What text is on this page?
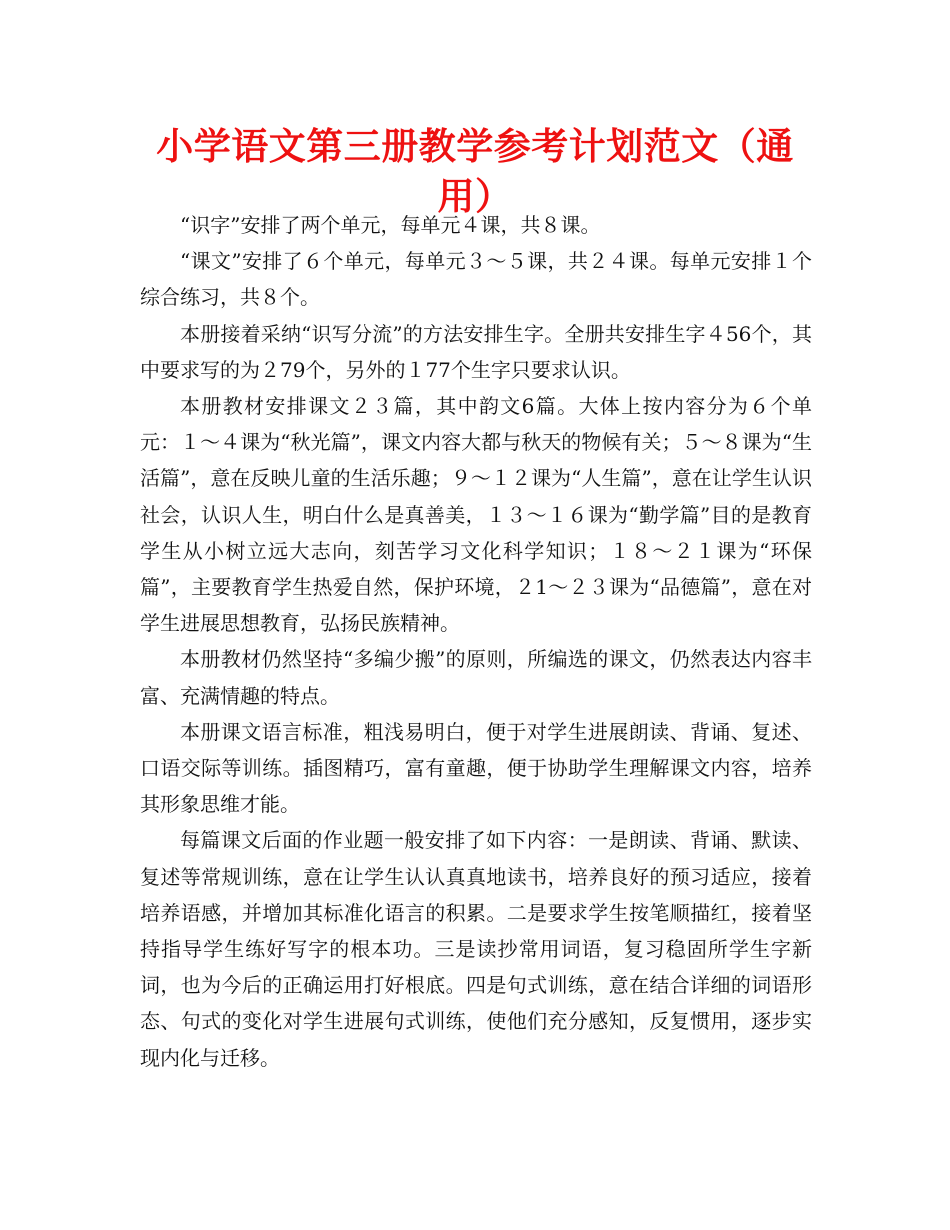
小学语文第三册教学参考计划范文（通用）

“识字”安排了两个单元，每单元４课，共８课。

“课文”安排了６个单元，每单元３～５课，共２４课。每单元安排１个综合练习，共８个。

本册接着采纳“识写分流”的方法安排生字。全册共安排生字４56个，其中要求写的为２79个，另外的１77个生字只要求认识。

本册教材安排课文２３篇，其中韵文6篇。大体上按内容分为６个单元：１～４课为“秋光篇”，课文内容大都与秋天的物候有关；５～８课为“生活篇”，意在反映儿童的生活乐趣；９～１２课为“人生篇”，意在让学生认识社会，认识人生，明白什么是真善美，１３～１６课为“勤学篇”目的是教育学生从小树立远大志向，刻苦学习文化科学知识；１８～２１课为“环保篇”，主要教育学生热爱自然，保护环境，２1～２３课为“品德篇”，意在对学生进展思想教育，弘扬民族精神。

本册教材仍然坚持“多编少搬”的原则，所编选的课文，仍然表达内容丰富、充满情趣的特点。

本册课文语言标准，粗浅易明白，便于对学生进展朗读、背诵、复述、口语交际等训练。插图精巧，富有童趣，便于协助学生理解课文内容，培养其形象思维才能。

每篇课文后面的作业题一般安排了如下内容：一是朗读、背诵、默读、复述等常规训练，意在让学生认认真真地读书，培养良好的预习适应，接着培养语感，并增加其标准化语言的积累。二是要求学生按笔顺描红，接着坚持指导学生练好写字的根本功。三是读抄常用词语，复习稳固所学生字新词，也为今后的正确运用打好根底。四是句式训练，意在结合详细的词语形态、句式的变化对学生进展句式训练，使他们充分感知，反复惯用，逐步实现内化与迁移。
